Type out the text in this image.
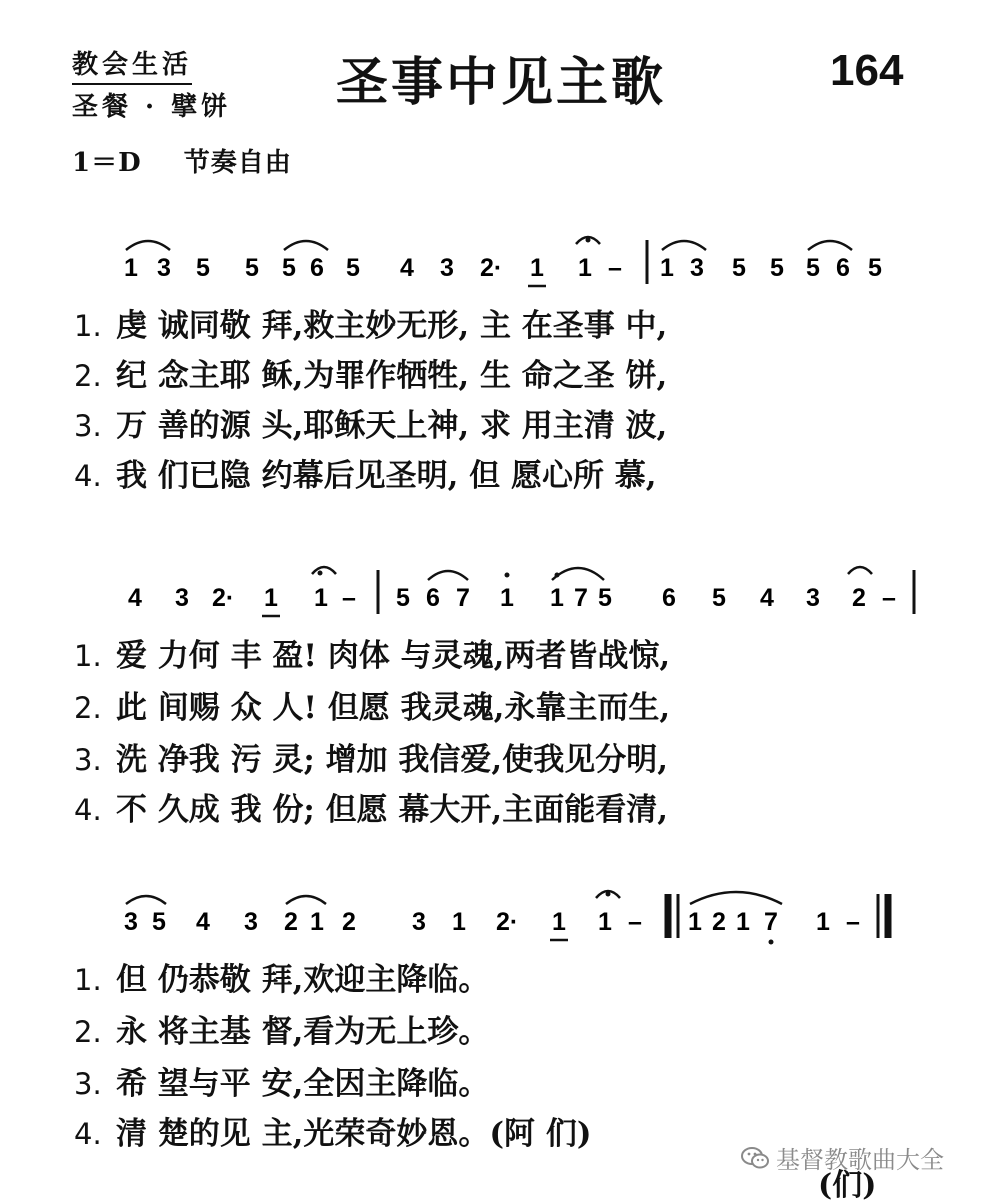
教会生活
圣餐 · 擘饼 圣事中见主歌	164
1＝D 节奏自由
1 3 5 5 5 6 5 4 3 2· 1 1 – 1 3 5 5 5 6 5
4 3 2· 1 1 – 5 6 7 1 1 7 5 6 5 4 3 2 –
3 5 4 3 2 1 2 3 1 2· 1 1 – 1 2 1 7 1 –
1. 虔 诚同敬 拜,救主妙无形, 主 在圣事 中,
2. 纪 念主耶 稣,为罪作牺牲, 生 命之圣 饼,
3. 万 善的源 头,耶稣天上神, 求 用主清 波,
4. 我 们已隐 约幕后见圣明, 但 愿心所 慕,
1. 爱 力何 丰 盈! 肉体 与灵魂,两者皆战惊,
2. 此 间赐 众 人! 但愿 我灵魂,永靠主而生,
3. 洗 净我 污 灵; 增加 我信爱,使我见分明,
4. 不 久成 我 份; 但愿 幕大开,主面能看清,
1. 但 仍恭敬 拜,欢迎主降临。
2. 永 将主基 督,看为无上珍。
3. 希 望与平 安,全因主降临。
4. 清 楚的见 主,光荣奇妙恩。(阿 们)
(们)
基督教歌曲大全
